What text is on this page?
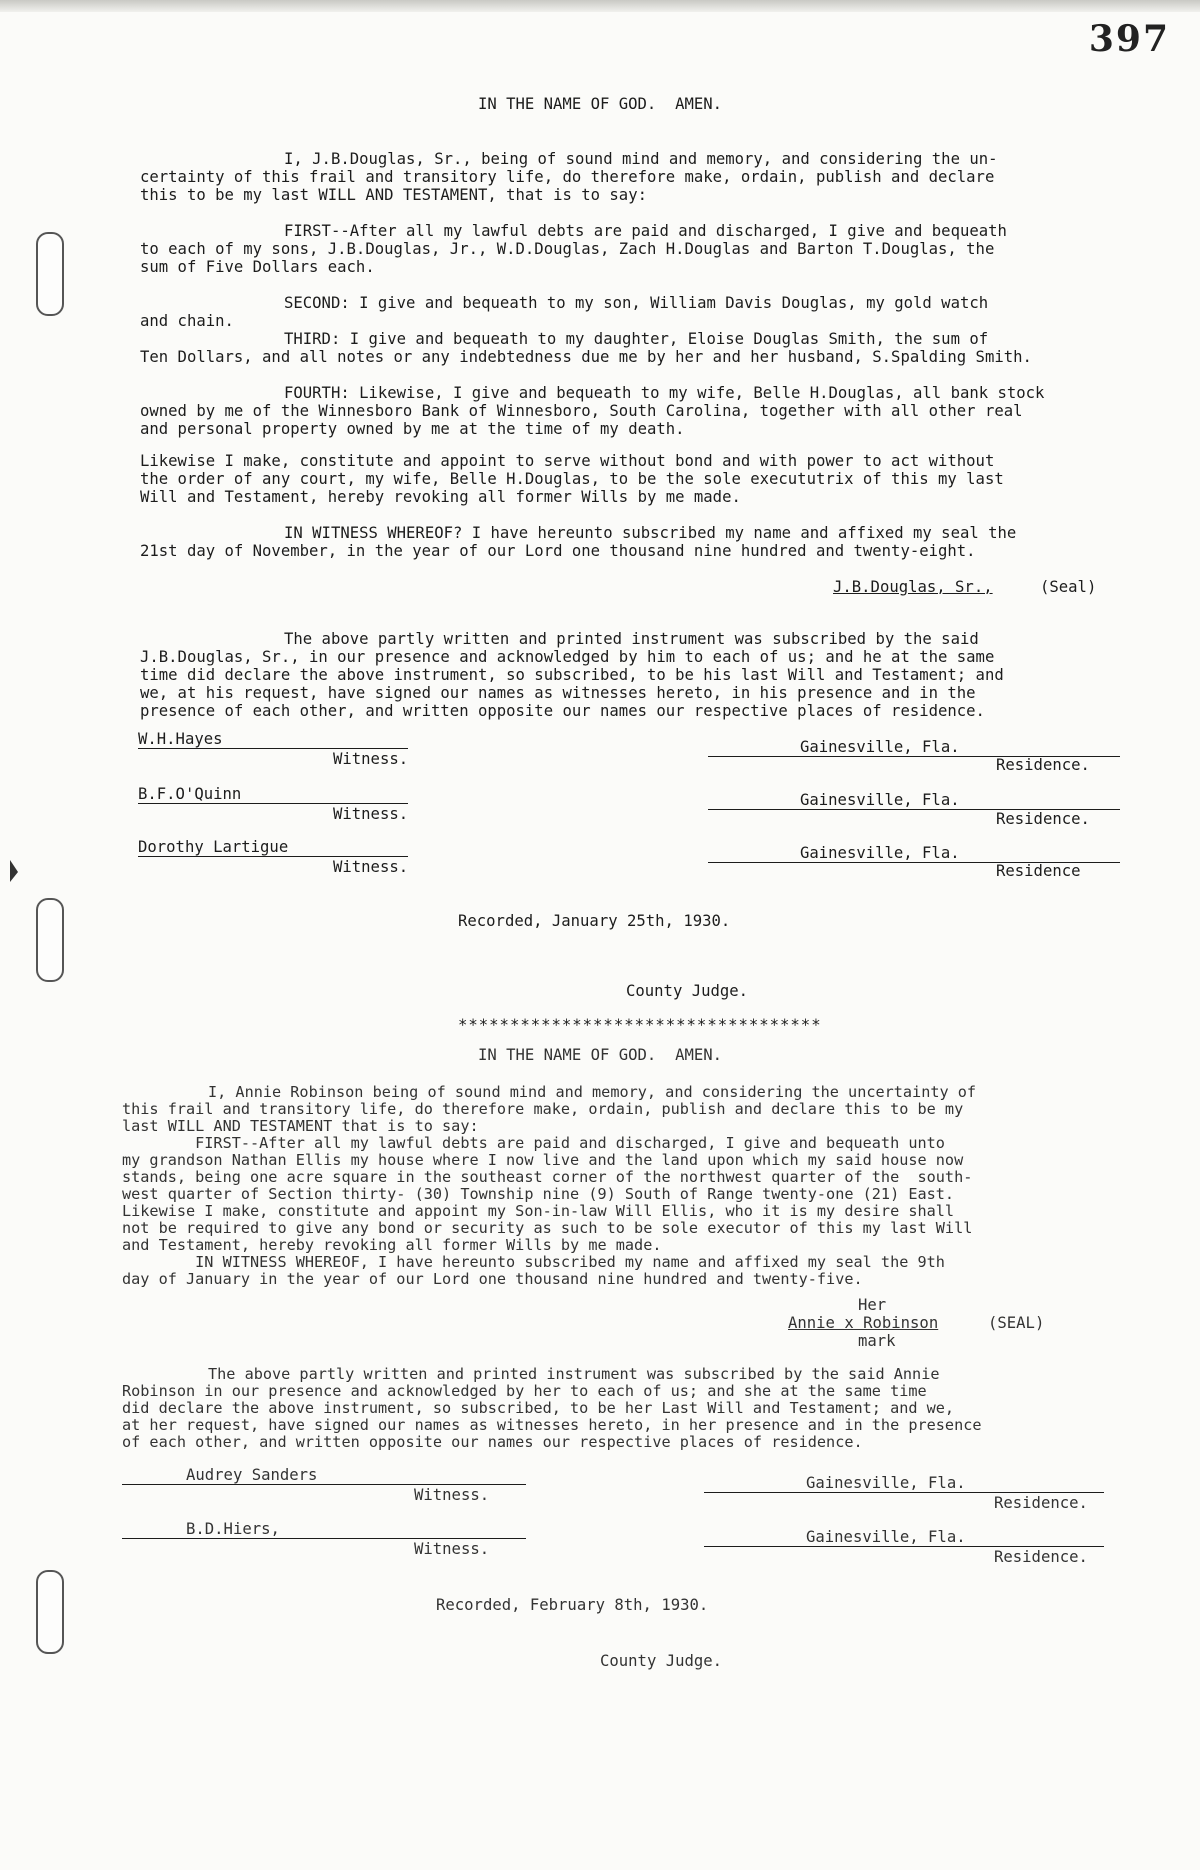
397
IN THE NAME OF GOD.  AMEN.
I, J.B.Douglas, Sr., being of sound mind and memory, and considering the un-
certainty of this frail and transitory life, do therefore make, ordain, publish and declare
this to be my last WILL AND TESTAMENT, that is to say:
FIRST--After all my lawful debts are paid and discharged, I give and bequeath
to each of my sons, J.B.Douglas, Jr., W.D.Douglas, Zach H.Douglas and Barton T.Douglas, the
sum of Five Dollars each.
SECOND: I give and bequeath to my son, William Davis Douglas, my gold watch
and chain.
THIRD: I give and bequeath to my daughter, Eloise Douglas Smith, the sum of
Ten Dollars, and all notes or any indebtedness due me by her and her husband, S.Spalding Smith.
FOURTH: Likewise, I give and bequeath to my wife, Belle H.Douglas, all bank stock
owned by me of the Winnesboro Bank of Winnesboro, South Carolina, together with all other real
and personal property owned by me at the time of my death.
Likewise I make, constitute and appoint to serve without bond and with power to act without
the order of any court, my wife, Belle H.Douglas, to be the sole execututrix of this my last
Will and Testament, hereby revoking all former Wills by me made.
IN WITNESS WHEREOF? I have hereunto subscribed my name and affixed my seal the
21st day of November, in the year of our Lord one thousand nine hundred and twenty-eight.
J.B.Douglas, Sr.,	(Seal)
The above partly written and printed instrument was subscribed by the said
J.B.Douglas, Sr., in our presence and acknowledged by him to each of us; and he at the same
time did declare the above instrument, so subscribed, to be his last Will and Testament; and
we, at his request, have signed our names as witnesses hereto, in his presence and in the
presence of each other, and written opposite our names our respective places of residence.
W.H.Hayes
Witness.
Gainesville, Fla.
Residence.
B.F.O'Quinn
Witness.
Gainesville, Fla.
Residence.
Dorothy Lartigue
Witness.
Gainesville, Fla.
Residence
Recorded, January 25th, 1930.
County Judge.
***********************************
IN THE NAME OF GOD.  AMEN.
I, Annie Robinson being of sound mind and memory, and considering the uncertainty of
this frail and transitory life, do therefore make, ordain, publish and declare this to be my
last WILL AND TESTAMENT that is to say:
FIRST--After all my lawful debts are paid and discharged, I give and bequeath unto
my grandson Nathan Ellis my house where I now live and the land upon which my said house now
stands, being one acre square in the southeast corner of the northwest quarter of the  south-
west quarter of Section thirty- (30) Township nine (9) South of Range twenty-one (21) East.
Likewise I make, constitute and appoint my Son-in-law Will Ellis, who it is my desire shall
not be required to give any bond or security as such to be sole executor of this my last Will
and Testament, hereby revoking all former Wills by me made.
IN WITNESS WHEREOF, I have hereunto subscribed my name and affixed my seal the 9th
day of January in the year of our Lord one thousand nine hundred and twenty-five.
Her
Annie x Robinson	(SEAL)
mark
The above partly written and printed instrument was subscribed by the said Annie
Robinson in our presence and acknowledged by her to each of us; and she at the same time
did declare the above instrument, so subscribed, to be her Last Will and Testament; and we,
at her request, have signed our names as witnesses hereto, in her presence and in the presence
of each other, and written opposite our names our respective places of residence.
Audrey Sanders
Witness.
Gainesville, Fla.
Residence.
B.D.Hiers,
Witness.
Gainesville, Fla.
Residence.
Recorded, February 8th, 1930.
County Judge.
